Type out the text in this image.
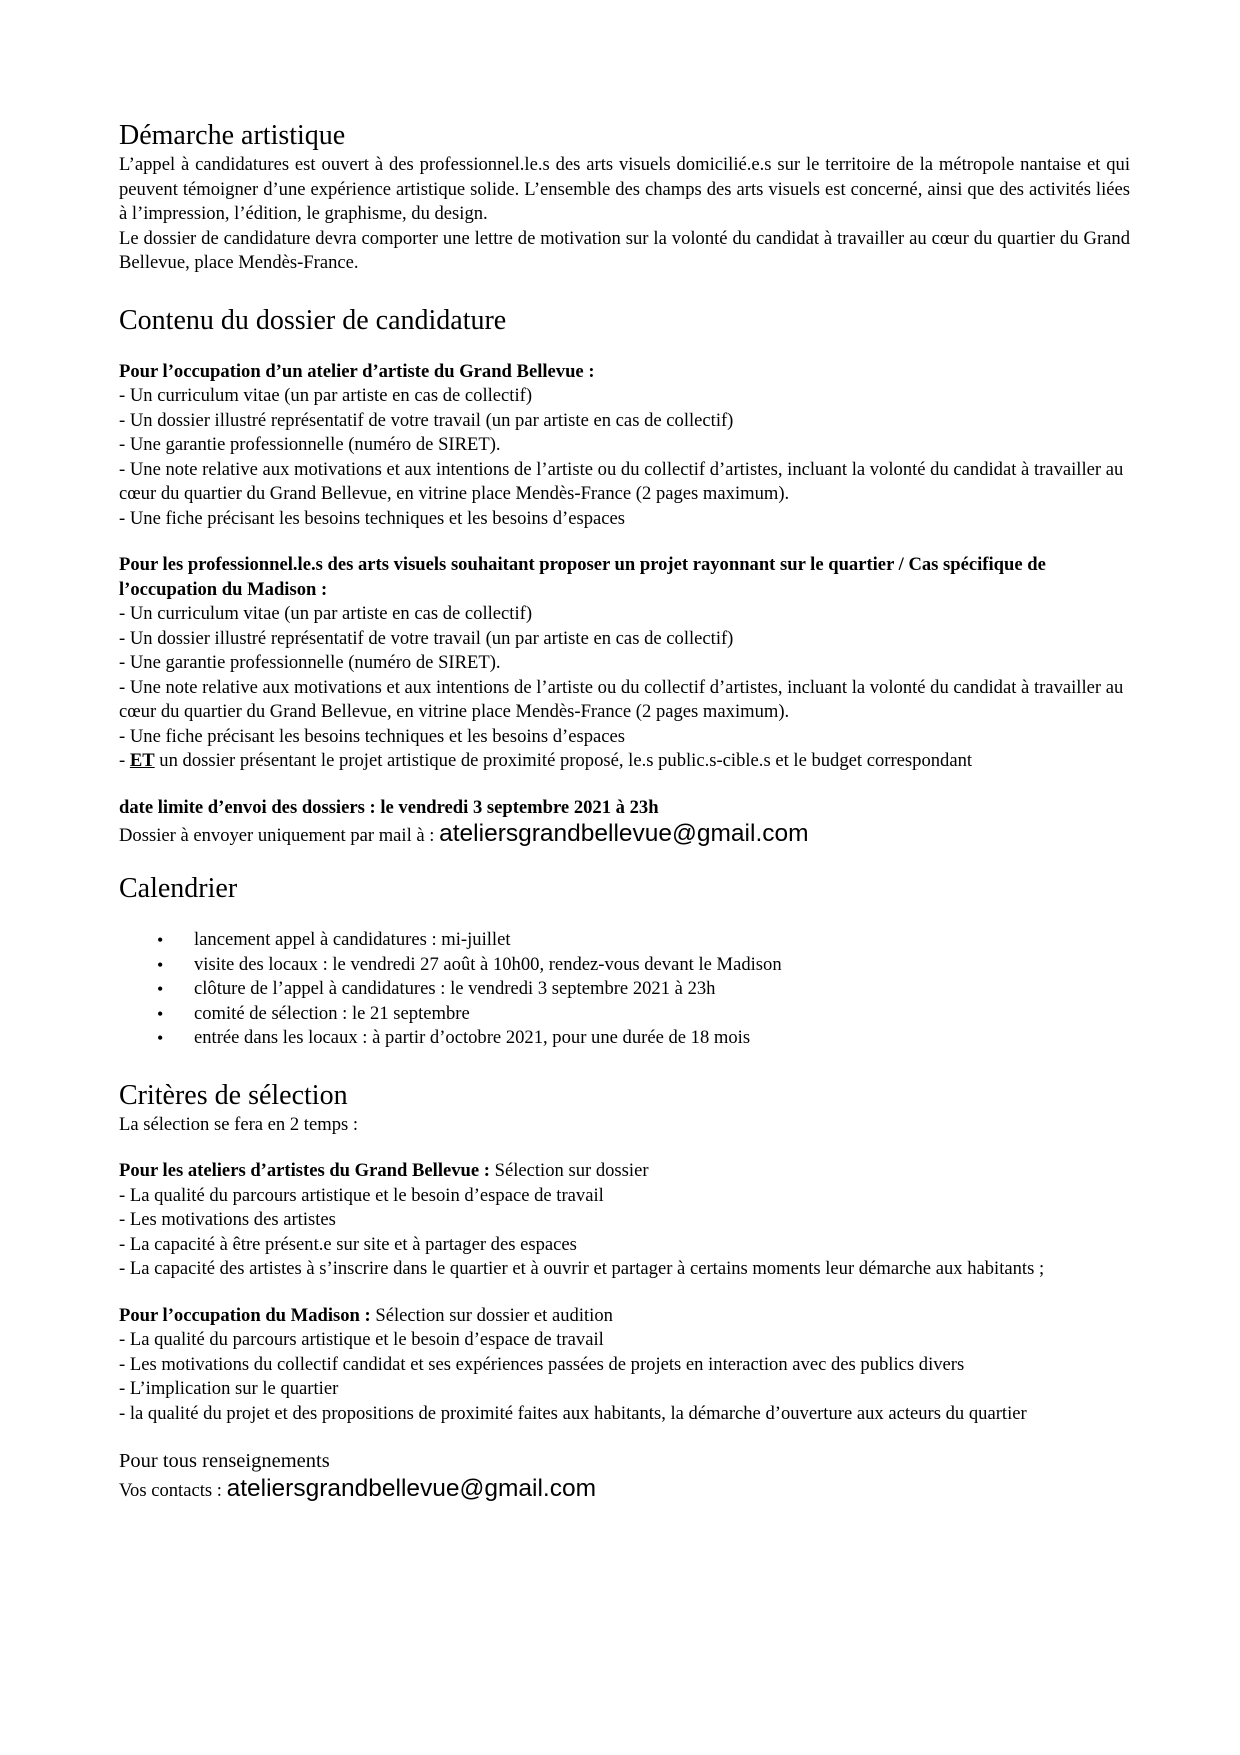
Démarche artistique

L’appel à candidatures est ouvert à des professionnel.le.s des arts visuels domicilié.e.s sur le territoire de la métropole nantaise et qui peuvent témoigner d’une expérience artistique solide. L’ensemble des champs des arts visuels est concerné, ainsi que des activités liées à l’impression, l’édition, le graphisme, du design.

Le dossier de candidature devra comporter une lettre de motivation sur la volonté du candidat à travailler au cœur du quartier du Grand Bellevue, place Mendès-France.

Contenu du dossier de candidature

Pour l’occupation d’un atelier d’artiste du Grand Bellevue :

- Un curriculum vitae (un par artiste en cas de collectif)

- Un dossier illustré représentatif de votre travail (un par artiste en cas de collectif)

- Une garantie professionnelle (numéro de SIRET).

- Une note relative aux motivations et aux intentions de l’artiste ou du collectif d’artistes, incluant la volonté du candidat à travailler au cœur du quartier du Grand Bellevue, en vitrine place Mendès-France (2 pages maximum).

- Une fiche précisant les besoins techniques et les besoins d’espaces

Pour les professionnel.le.s des arts visuels souhaitant proposer un projet rayonnant sur le quartier / Cas spécifique de l’occupation du Madison :

- Un curriculum vitae (un par artiste en cas de collectif)

- Un dossier illustré représentatif de votre travail (un par artiste en cas de collectif)

- Une garantie professionnelle (numéro de SIRET).

- Une note relative aux motivations et aux intentions de l’artiste ou du collectif d’artistes, incluant la volonté du candidat à travailler au cœur du quartier du Grand Bellevue, en vitrine place Mendès-France (2 pages maximum).

- Une fiche précisant les besoins techniques et les besoins d’espaces

- ET un dossier présentant le projet artistique de proximité proposé, le.s public.s-cible.s et le budget correspondant

date limite d’envoi des dossiers : le vendredi 3 septembre 2021 à 23h

Dossier à envoyer uniquement par mail à : ateliersgrandbellevue@gmail.com

Calendrier
• lancement appel à candidatures : mi-juillet
• visite des locaux : le vendredi 27 août à 10h00, rendez-vous devant le Madison
• clôture de l’appel à candidatures : le vendredi 3 septembre 2021 à 23h
• comité de sélection : le 21 septembre
• entrée dans les locaux : à partir d’octobre 2021, pour une durée de 18 mois
Critères de sélection

La sélection se fera en 2 temps :

Pour les ateliers d’artistes du Grand Bellevue : Sélection sur dossier

- La qualité du parcours artistique et le besoin d’espace de travail

- Les motivations des artistes

- La capacité à être présent.e sur site et à partager des espaces

- La capacité des artistes à s’inscrire dans le quartier et à ouvrir et partager à certains moments leur démarche aux habitants ;

Pour l’occupation du Madison : Sélection sur dossier et audition

- La qualité du parcours artistique et le besoin d’espace de travail

- Les motivations du collectif candidat et ses expériences passées de projets en interaction avec des publics divers

- L’implication sur le quartier

- la qualité du projet et des propositions de proximité faites aux habitants, la démarche d’ouverture aux acteurs du quartier

Pour tous renseignements

Vos contacts : ateliersgrandbellevue@gmail.com
